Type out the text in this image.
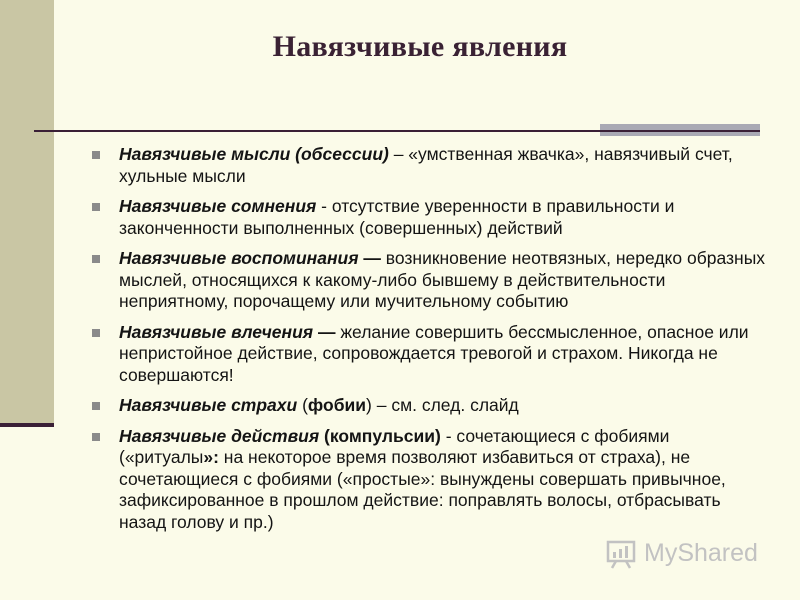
Навязчивые явления
Навязчивые мысли (обсессии) – «умственная жвачка», навязчивый счет, хульные мысли
Навязчивые сомнения - отсутствие уверенности в правильности и законченности выполненных (совершенных) действий
Навязчивые воспоминания — возникновение неотвязных, нередко образных мыслей, относящихся к какому-либо бывшему в действительности неприятному, порочащему или мучительному событию
Навязчивые влечения — желание совершить бессмысленное, опасное или непристойное действие, сопровождается тревогой и страхом. Никогда не совершаются!
Навязчивые страхи (фобии) – см. след. слайд
Навязчивые действия (компульсии) - сочетающиеся с фобиями («ритуалы»: на некоторое время позволяют избавиться от страха), не сочетающиеся с фобиями («простые»: вынуждены совершать привычное, зафиксированное в прошлом действие: поправлять волосы, отбрасывать назад голову и пр.)
MyShared
